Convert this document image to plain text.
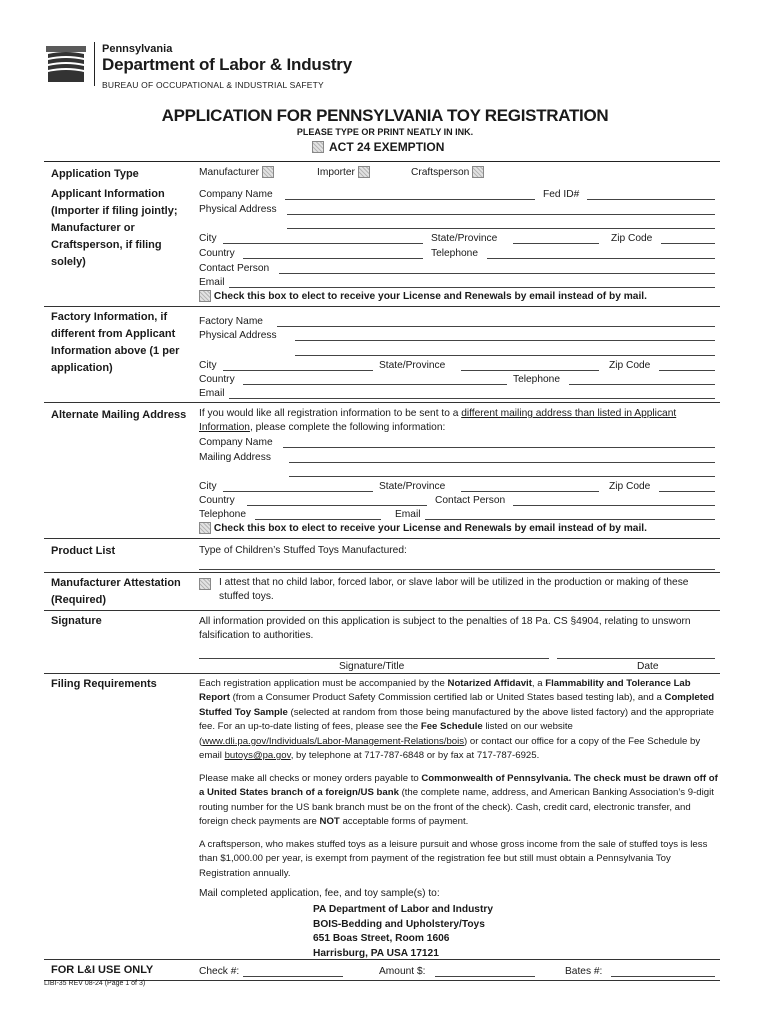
Pennsylvania
Department of Labor & Industry
BUREAU OF OCCUPATIONAL & INDUSTRIAL SAFETY
APPLICATION FOR PENNSYLVANIA TOY REGISTRATION
PLEASE TYPE OR PRINT NEATLY IN INK.
ACT 24 EXEMPTION
Application Type	Manufacturer	Importer	Craftsperson
Applicant Information (Importer if filing jointly; Manufacturer or Craftsperson, if filing solely)
Company Name	Fed ID#
Physical Address
City	State/Province	Zip Code
Country	Telephone
Contact Person
Email
Check this box to elect to receive your License and Renewals by email instead of by mail.
Factory Information, if different from Applicant Information above (1 per application)
Factory Name
Physical Address
City	State/Province	Zip Code
Country	Telephone
Email
Alternate Mailing Address If you would like all registration information to be sent to a different mailing address than listed in Applicant Information, please complete the following information:
Company Name
Mailing Address
City	State/Province	Zip Code
Country	Contact Person
Telephone	Email
Check this box to elect to receive your License and Renewals by email instead of by mail.
Product List	Type of Children’s Stuffed Toys Manufactured:
Manufacturer Attestation (Required)
I attest that no child labor, forced labor, or slave labor will be utilized in the production or making of these stuffed toys.
Signature	All information provided on this application is subject to the penalties of 18 Pa. CS §4904, relating to unsworn falsification to authorities.
Signature/Title	Date
Filing Requirements	Each registration application must be accompanied by the Notarized Affidavit, a Flammability and Tolerance Lab Report (from a Consumer Product Safety Commission certified lab or United States based testing lab), and a Completed Stuffed Toy Sample (selected at random from those being manufactured by the above listed factory) and the appropriate fee. For an up-to-date listing of fees, please see the Fee Schedule listed on our website (www.dli.pa.gov/Individuals/Labor-Management-Relations/bois) or contact our office for a copy of the Fee Schedule by email butoys@pa.gov, by telephone at 717-787-6848 or by fax at 717-787-6925.
Please make all checks or money orders payable to Commonwealth of Pennsylvania. The check must be drawn off of a United States branch of a foreign/US bank (the complete name, address, and American Banking Association’s 9-digit routing number for the US bank branch must be on the front of the check). Cash, credit card, electronic transfer, and foreign check payments are NOT acceptable forms of payment.
A craftsperson, who makes stuffed toys as a leisure pursuit and whose gross income from the sale of stuffed toys is less than $1,000.00 per year, is exempt from payment of the registration fee but still must obtain a Pennsylvania Toy Registration annually.
Mail completed application, fee, and toy sample(s) to:
PA Department of Labor and Industry
BOIS-Bedding and Upholstery/Toys
651 Boas Street, Room 1606
Harrisburg, PA USA 17121
FOR L&I USE ONLY	Check #:	Amount $:	Bates #:
LIBI-35 REV 08-24 (Page 1 of 3)
